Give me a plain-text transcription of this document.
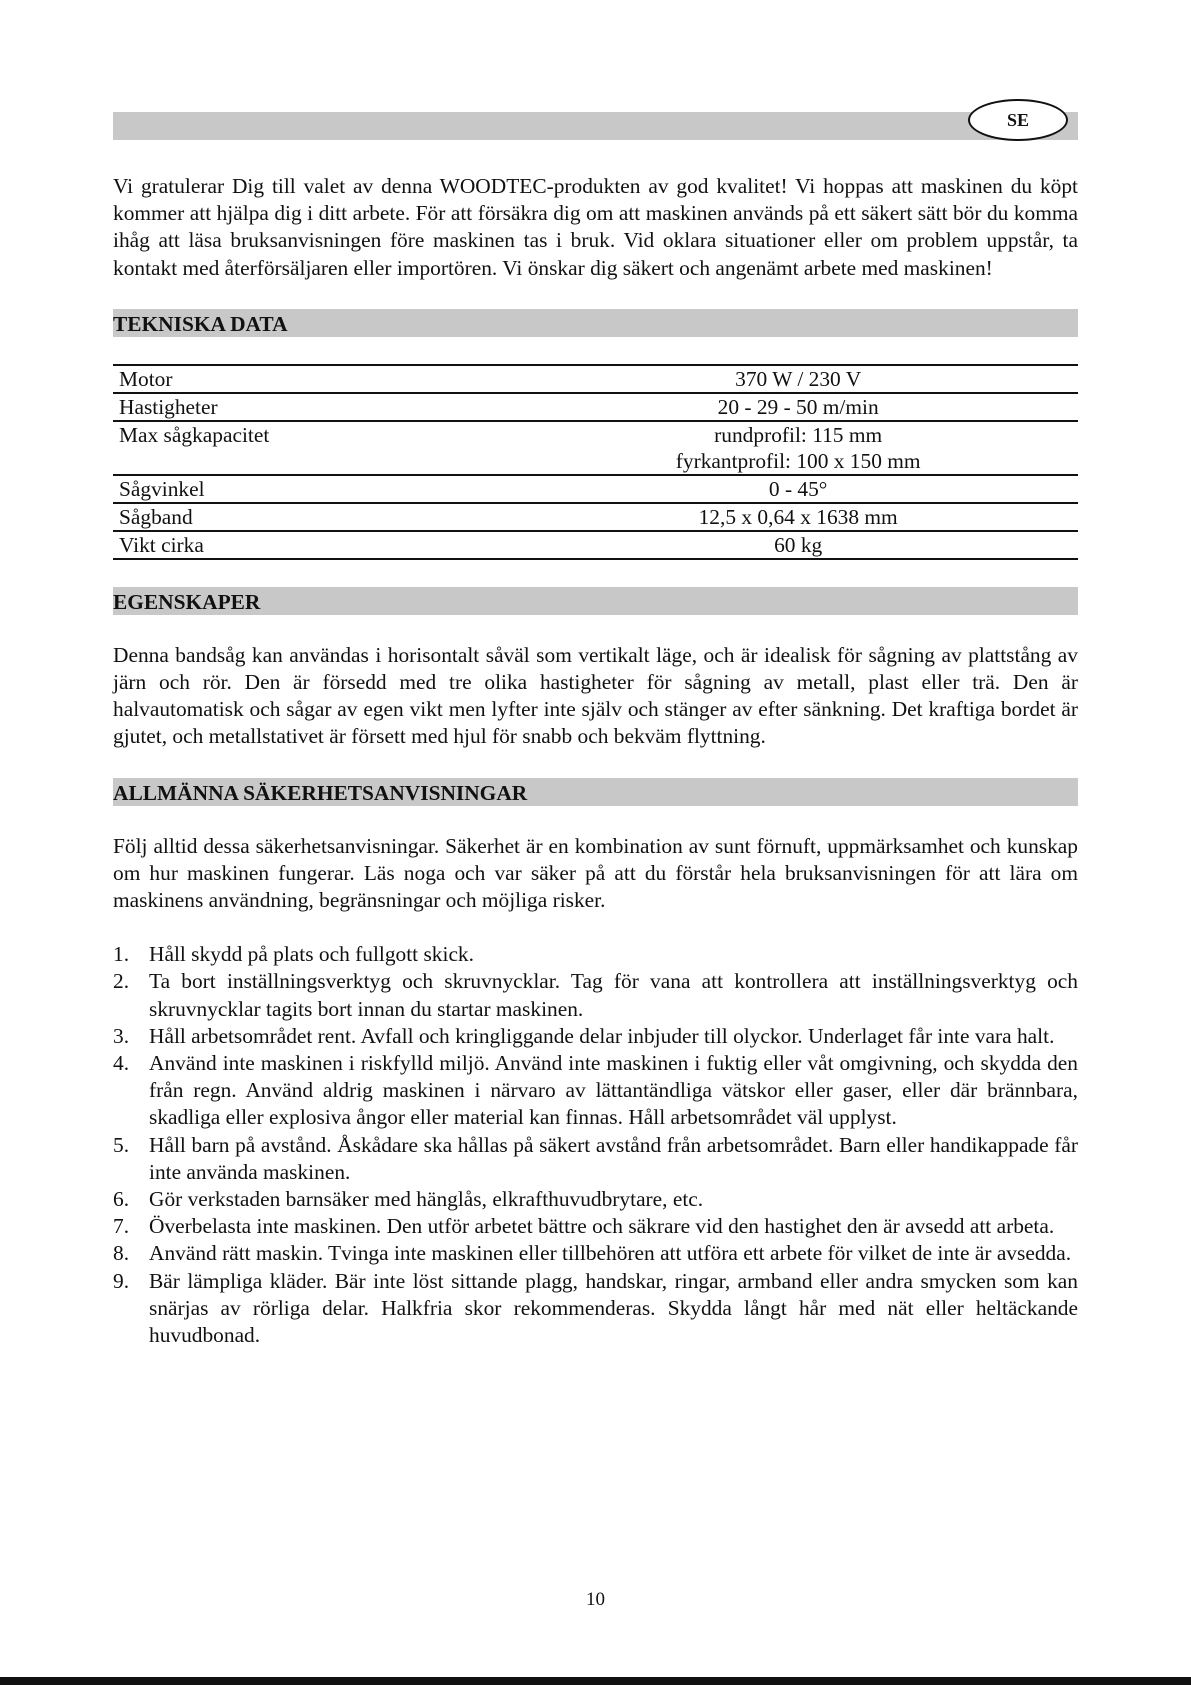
SE

Vi gratulerar Dig till valet av denna WOODTEC-produkten av god kvalitet! Vi hoppas att maskinen du köpt kommer att hjälpa dig i ditt arbete. För att försäkra dig om att maskinen används på ett säkert sätt bör du komma ihåg att läsa bruksanvisningen före maskinen tas i bruk. Vid oklara situationer eller om problem uppstår, ta kontakt med återförsäljaren eller importören. Vi önskar dig säkert och angenämt arbete med maskinen!

TEKNISKA DATA
Motor	370 W / 230 V
Hastigheter	20 - 29 - 50 m/min
Max sågkapacitet	rundprofil: 115 mm
fyrkantprofil: 100 x 150 mm

Sågvinkel	0 - 45°
Sågband	12,5 x 0,64 x 1638 mm
Vikt cirka	60 kg
EGENSKAPER

Denna bandsåg kan användas i horisontalt såväl som vertikalt läge, och är idealisk för sågning av plattstång av järn och rör. Den är försedd med tre olika hastigheter för sågning av metall, plast eller trä. Den är halvautomatisk och sågar av egen vikt men lyfter inte själv och stänger av efter sänkning. Det kraftiga bordet är gjutet, och metallstativet är försett med hjul för snabb och bekväm flyttning.

ALLMÄNNA SÄKERHETSANVISNINGAR

Följ alltid dessa säkerhetsanvisningar. Säkerhet är en kombination av sunt förnuft, uppmärksamhet och kunskap om hur maskinen fungerar. Läs noga och var säker på att du förstår hela bruksanvisningen för att lära om maskinens användning, begränsningar och möjliga risker.

1. Håll skydd på plats och fullgott skick.
2. Ta bort inställningsverktyg och skruvnycklar. Tag för vana att kontrollera att inställningsverktyg och skruvnycklar tagits bort innan du startar maskinen.
3. Håll arbetsområdet rent. Avfall och kringliggande delar inbjuder till olyckor. Underlaget får inte vara halt.
4. Använd inte maskinen i riskfylld miljö. Använd inte maskinen i fuktig eller våt omgivning, och skydda den från regn. Använd aldrig maskinen i närvaro av lättantändliga vätskor eller gaser, eller där brännbara, skadliga eller explosiva ångor eller material kan finnas. Håll arbetsområdet väl upplyst.
5. Håll barn på avstånd. Åskådare ska hållas på säkert avstånd från arbetsområdet. Barn eller handikappade får inte använda maskinen.
6. Gör verkstaden barnsäker med hänglås, elkrafthuvudbrytare, etc.
7. Överbelasta inte maskinen. Den utför arbetet bättre och säkrare vid den hastighet den är avsedd att arbeta.
8. Använd rätt maskin. Tvinga inte maskinen eller tillbehören att utföra ett arbete för vilket de inte är avsedda.
9. Bär lämpliga kläder. Bär inte löst sittande plagg, handskar, ringar, armband eller andra smycken som kan snärjas av rörliga delar. Halkfria skor rekommenderas. Skydda långt hår med nät eller heltäckande huvudbonad.
10
